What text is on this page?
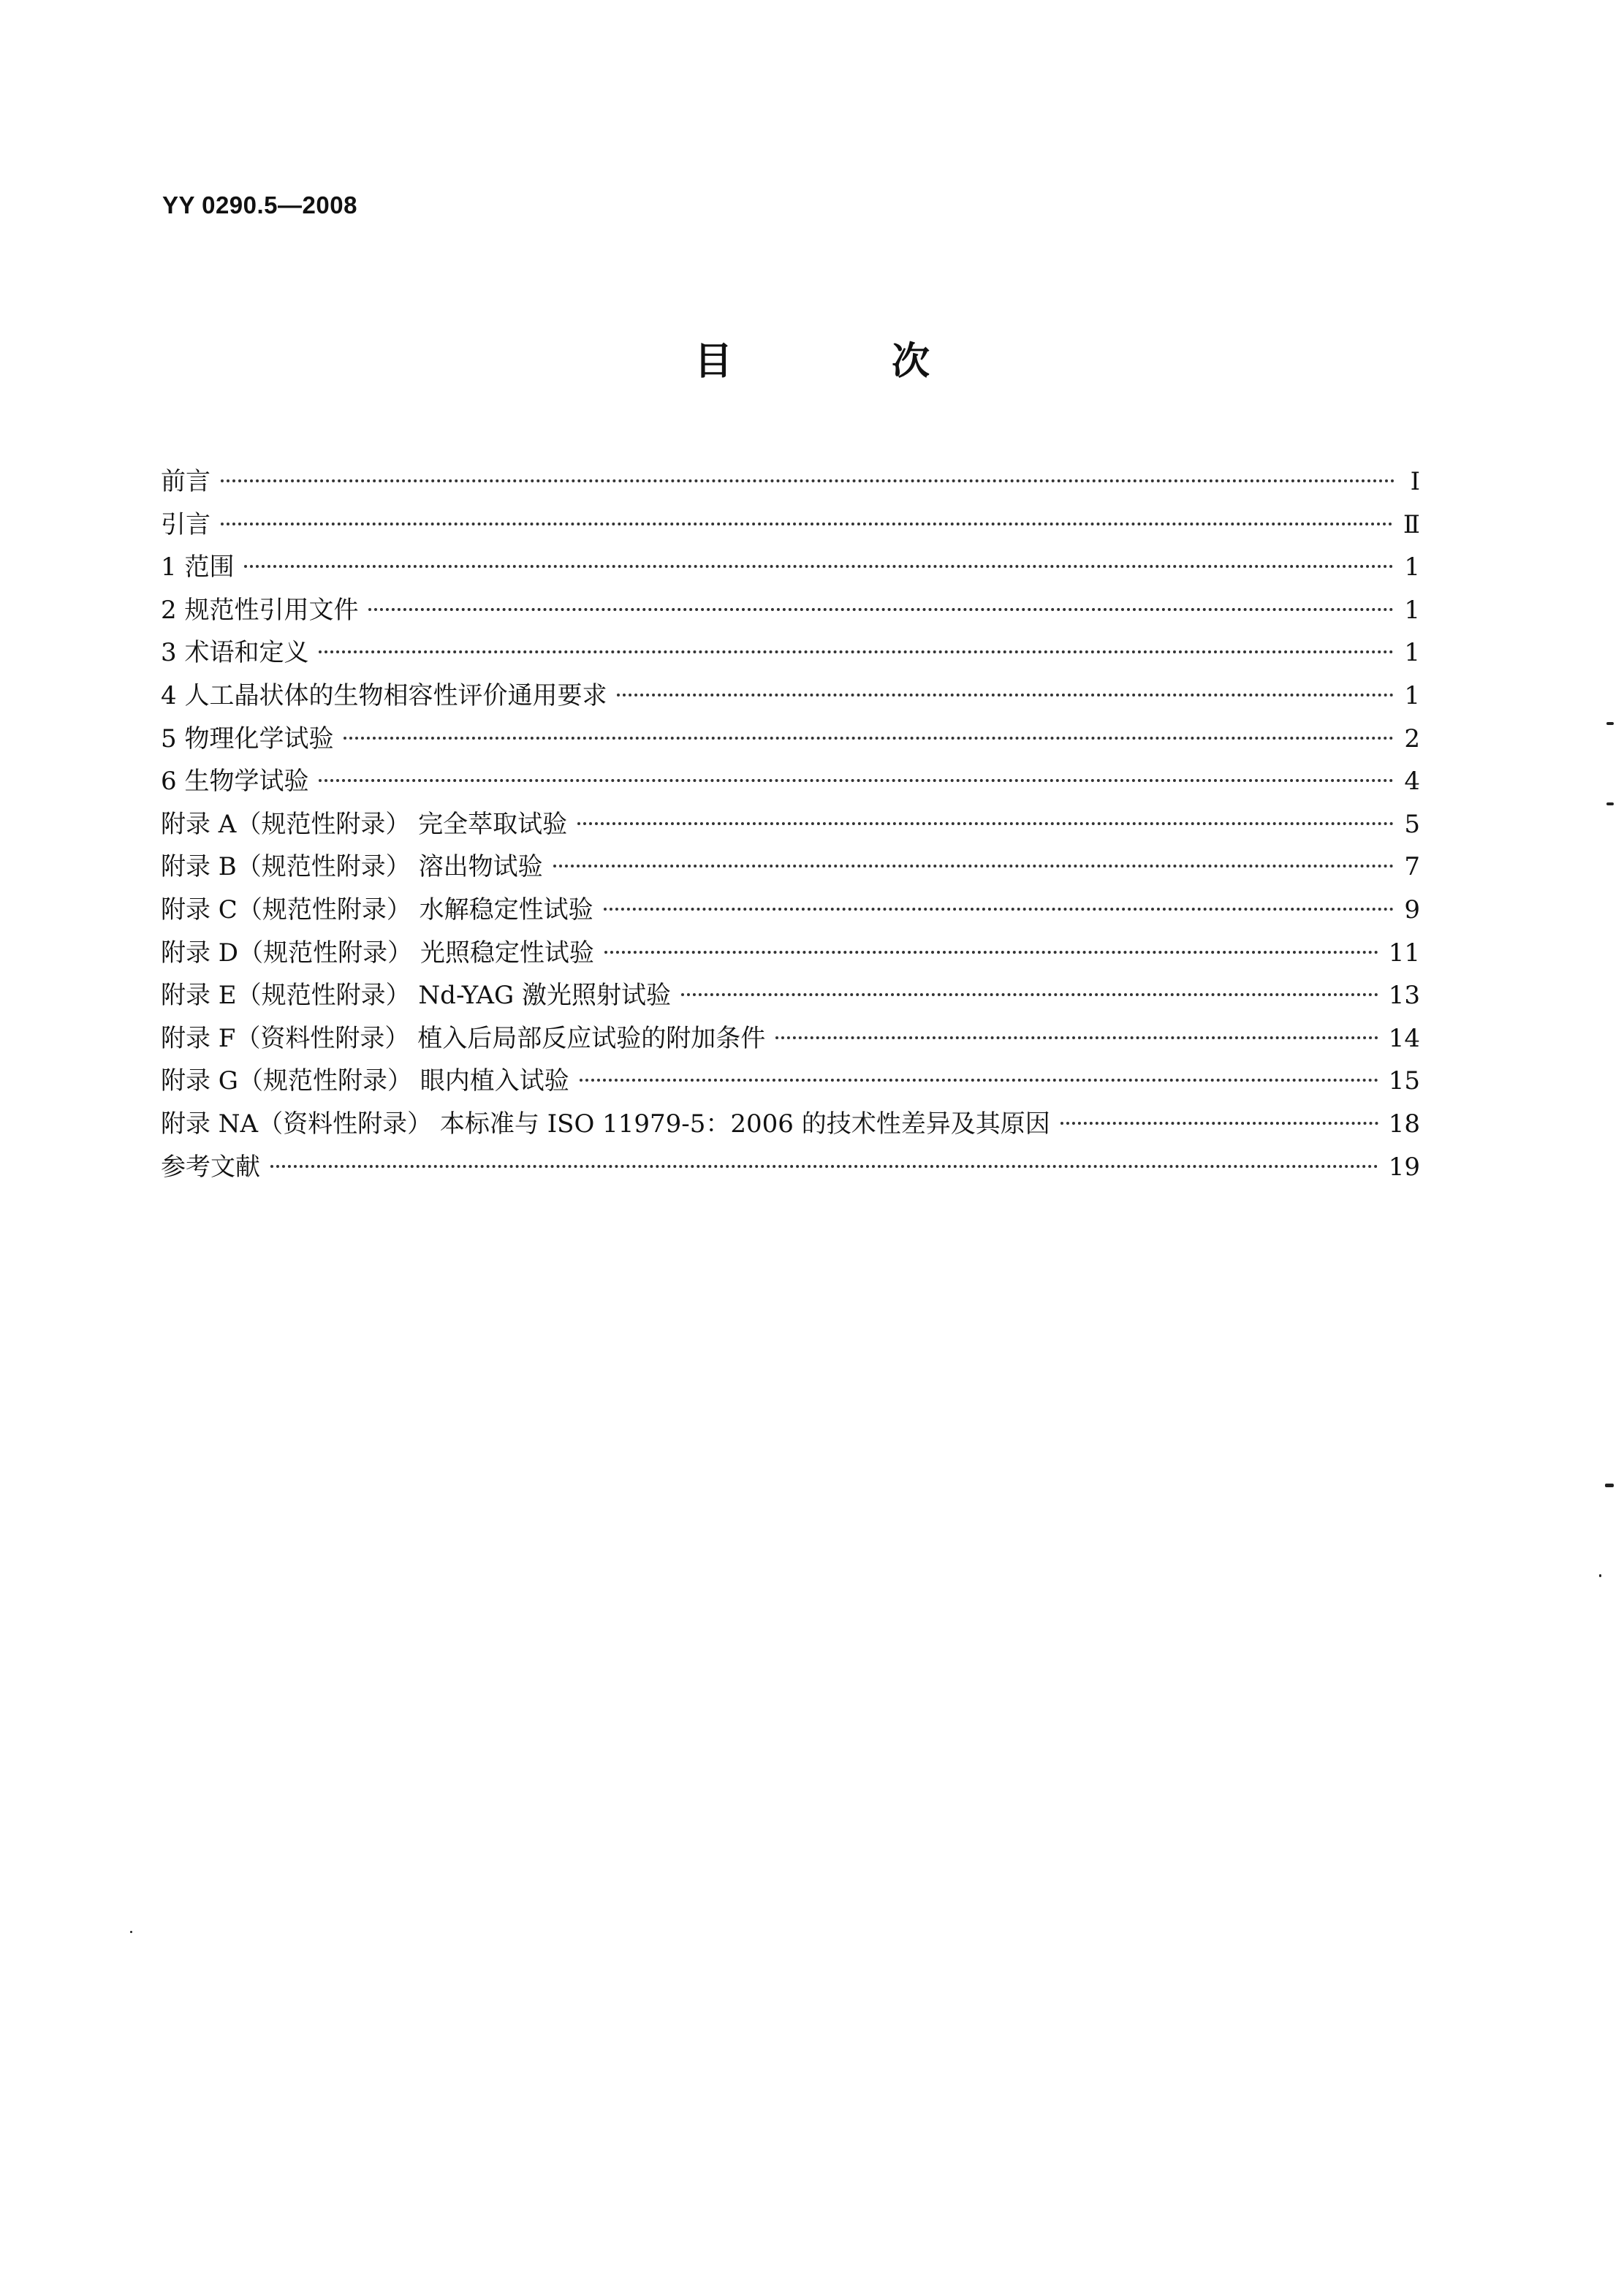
YY 0290.5—2008
目 次
前言	Ⅰ
引言	Ⅱ
1 范围	1
2 规范性引用文件	1
3 术语和定义	1
4 人工晶状体的生物相容性评价通用要求	1
5 物理化学试验	2
6 生物学试验	4
附录 A（规范性附录） 完全萃取试验	5
附录 B（规范性附录） 溶出物试验	7
附录 C（规范性附录） 水解稳定性试验	9
附录 D（规范性附录） 光照稳定性试验	11
附录 E（规范性附录） Nd-YAG 激光照射试验	13
附录 F（资料性附录） 植入后局部反应试验的附加条件	14
附录 G（规范性附录） 眼内植入试验	15
附录 NA（资料性附录） 本标准与 ISO 11979-5：2006 的技术性差异及其原因	18
参考文献	19
